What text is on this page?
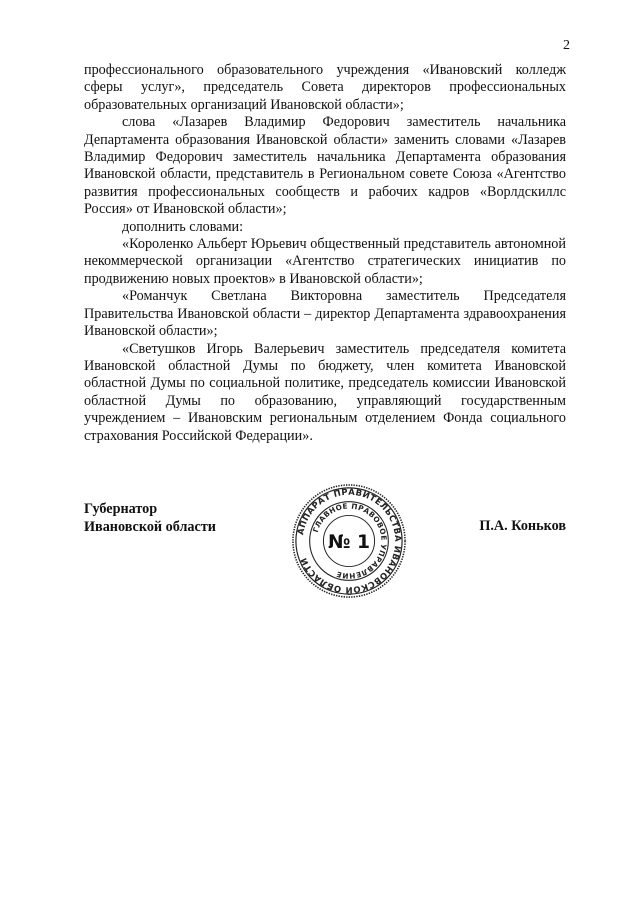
2

профессионального образовательного учреждения «Ивановский колледж сферы услуг», председатель Совета директоров профессиональных образовательных организаций Ивановской области»;

слова «Лазарев Владимир Федорович заместитель начальника Департамента образования Ивановской области» заменить словами «Лазарев Владимир Федорович заместитель начальника Департамента образования Ивановской области, представитель в Региональном совете Союза «Агентство развития профессиональных сообществ и рабочих кадров «Ворлдскиллс Россия» от Ивановской области»;

дополнить словами:

«Короленко Альберт Юрьевич общественный представитель автономной некоммерческой организации «Агентство стратегических инициатив по продвижению новых проектов» в Ивановской области»;

«Романчук Светлана Викторовна заместитель Председателя Правительства Ивановской области – директор Департамента здравоохранения Ивановской области»;

«Светушков Игорь Валерьевич заместитель председателя комитета Ивановской областной Думы по бюджету, член комитета Ивановской областной Думы по социальной политике, председатель комиссии Ивановской областной Думы по образованию, управляющий государственным учреждением – Ивановским региональным отделением Фонда социального страхования Российской Федерации».

Губернатор
Ивановской области	АППАРАТ ПРАВИТЕЛЬСТВА ИВАНОВСКОЙ ОБЛАСТИ
ГЛАВНОЕ ПРАВОВОЕ УПРАВЛЕНИЕ
№ 1
П.А. Коньков
